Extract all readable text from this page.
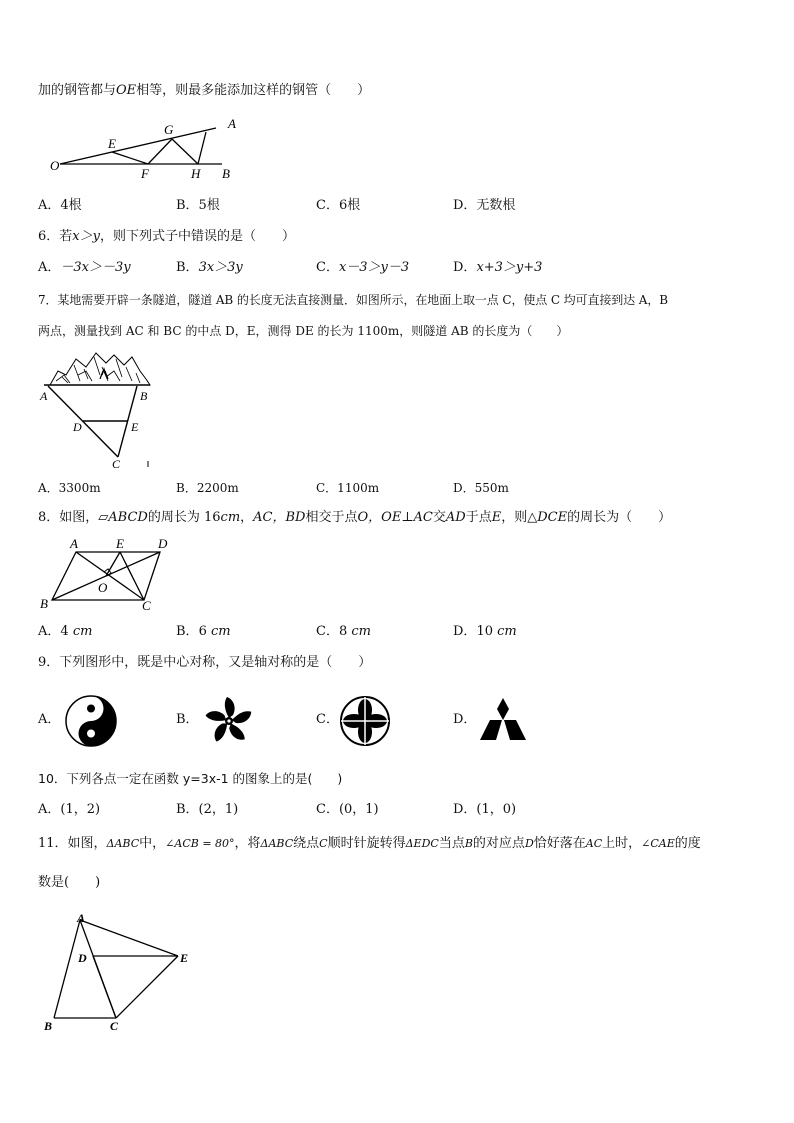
加的钢管都与OE相等，则最多能添加这样的钢管（　　）
O
E
G	A
F	H B
A．4根	B．5根	C．6根	D．无数根
6．若x＞y，则下列式子中错误的是（　　）
A．－3x＞－3y	B．3x＞3y	C．x－3＞y－3	D．x+3＞y+3
7．某地需要开辟一条隧道，隧道 AB 的长度无法直接测量．如图所示，在地面上取一点 C，使点 C 均可直接到达 A，B
两点，测量找到 AC 和 BC 的中点 D，E，测得 DE 的长为 1100m，则隧道 AB 的长度为（　　）
A	B
D	E
C
A．3300m	B．2200m	C．1100m	D．550m
8．如图，▱ABCD的周长为 16cm，AC，BD相交于点O，OE⊥AC交AD于点E，则△DCE的周长为（　　）
A	E	D
O
B	C
A．4 cm	B．6 cm	C．8 cm	D．10 cm
9．下列图形中，既是中心对称，又是轴对称的是（　　）
A．	B．	C．	D．
10．下列各点一定在函数 y=3x-1 的图象上的是(　　)
A．(1，2)	B．(2，1)	C．(0，1)	D．(1，0)
11．如图，ΔABC中，∠ACB = 80°，将ΔABC绕点C顺时针旋转得ΔEDC当点B的对应点D恰好落在AC上时，∠CAE的度
数是(　　)
A
D	E
B	C
